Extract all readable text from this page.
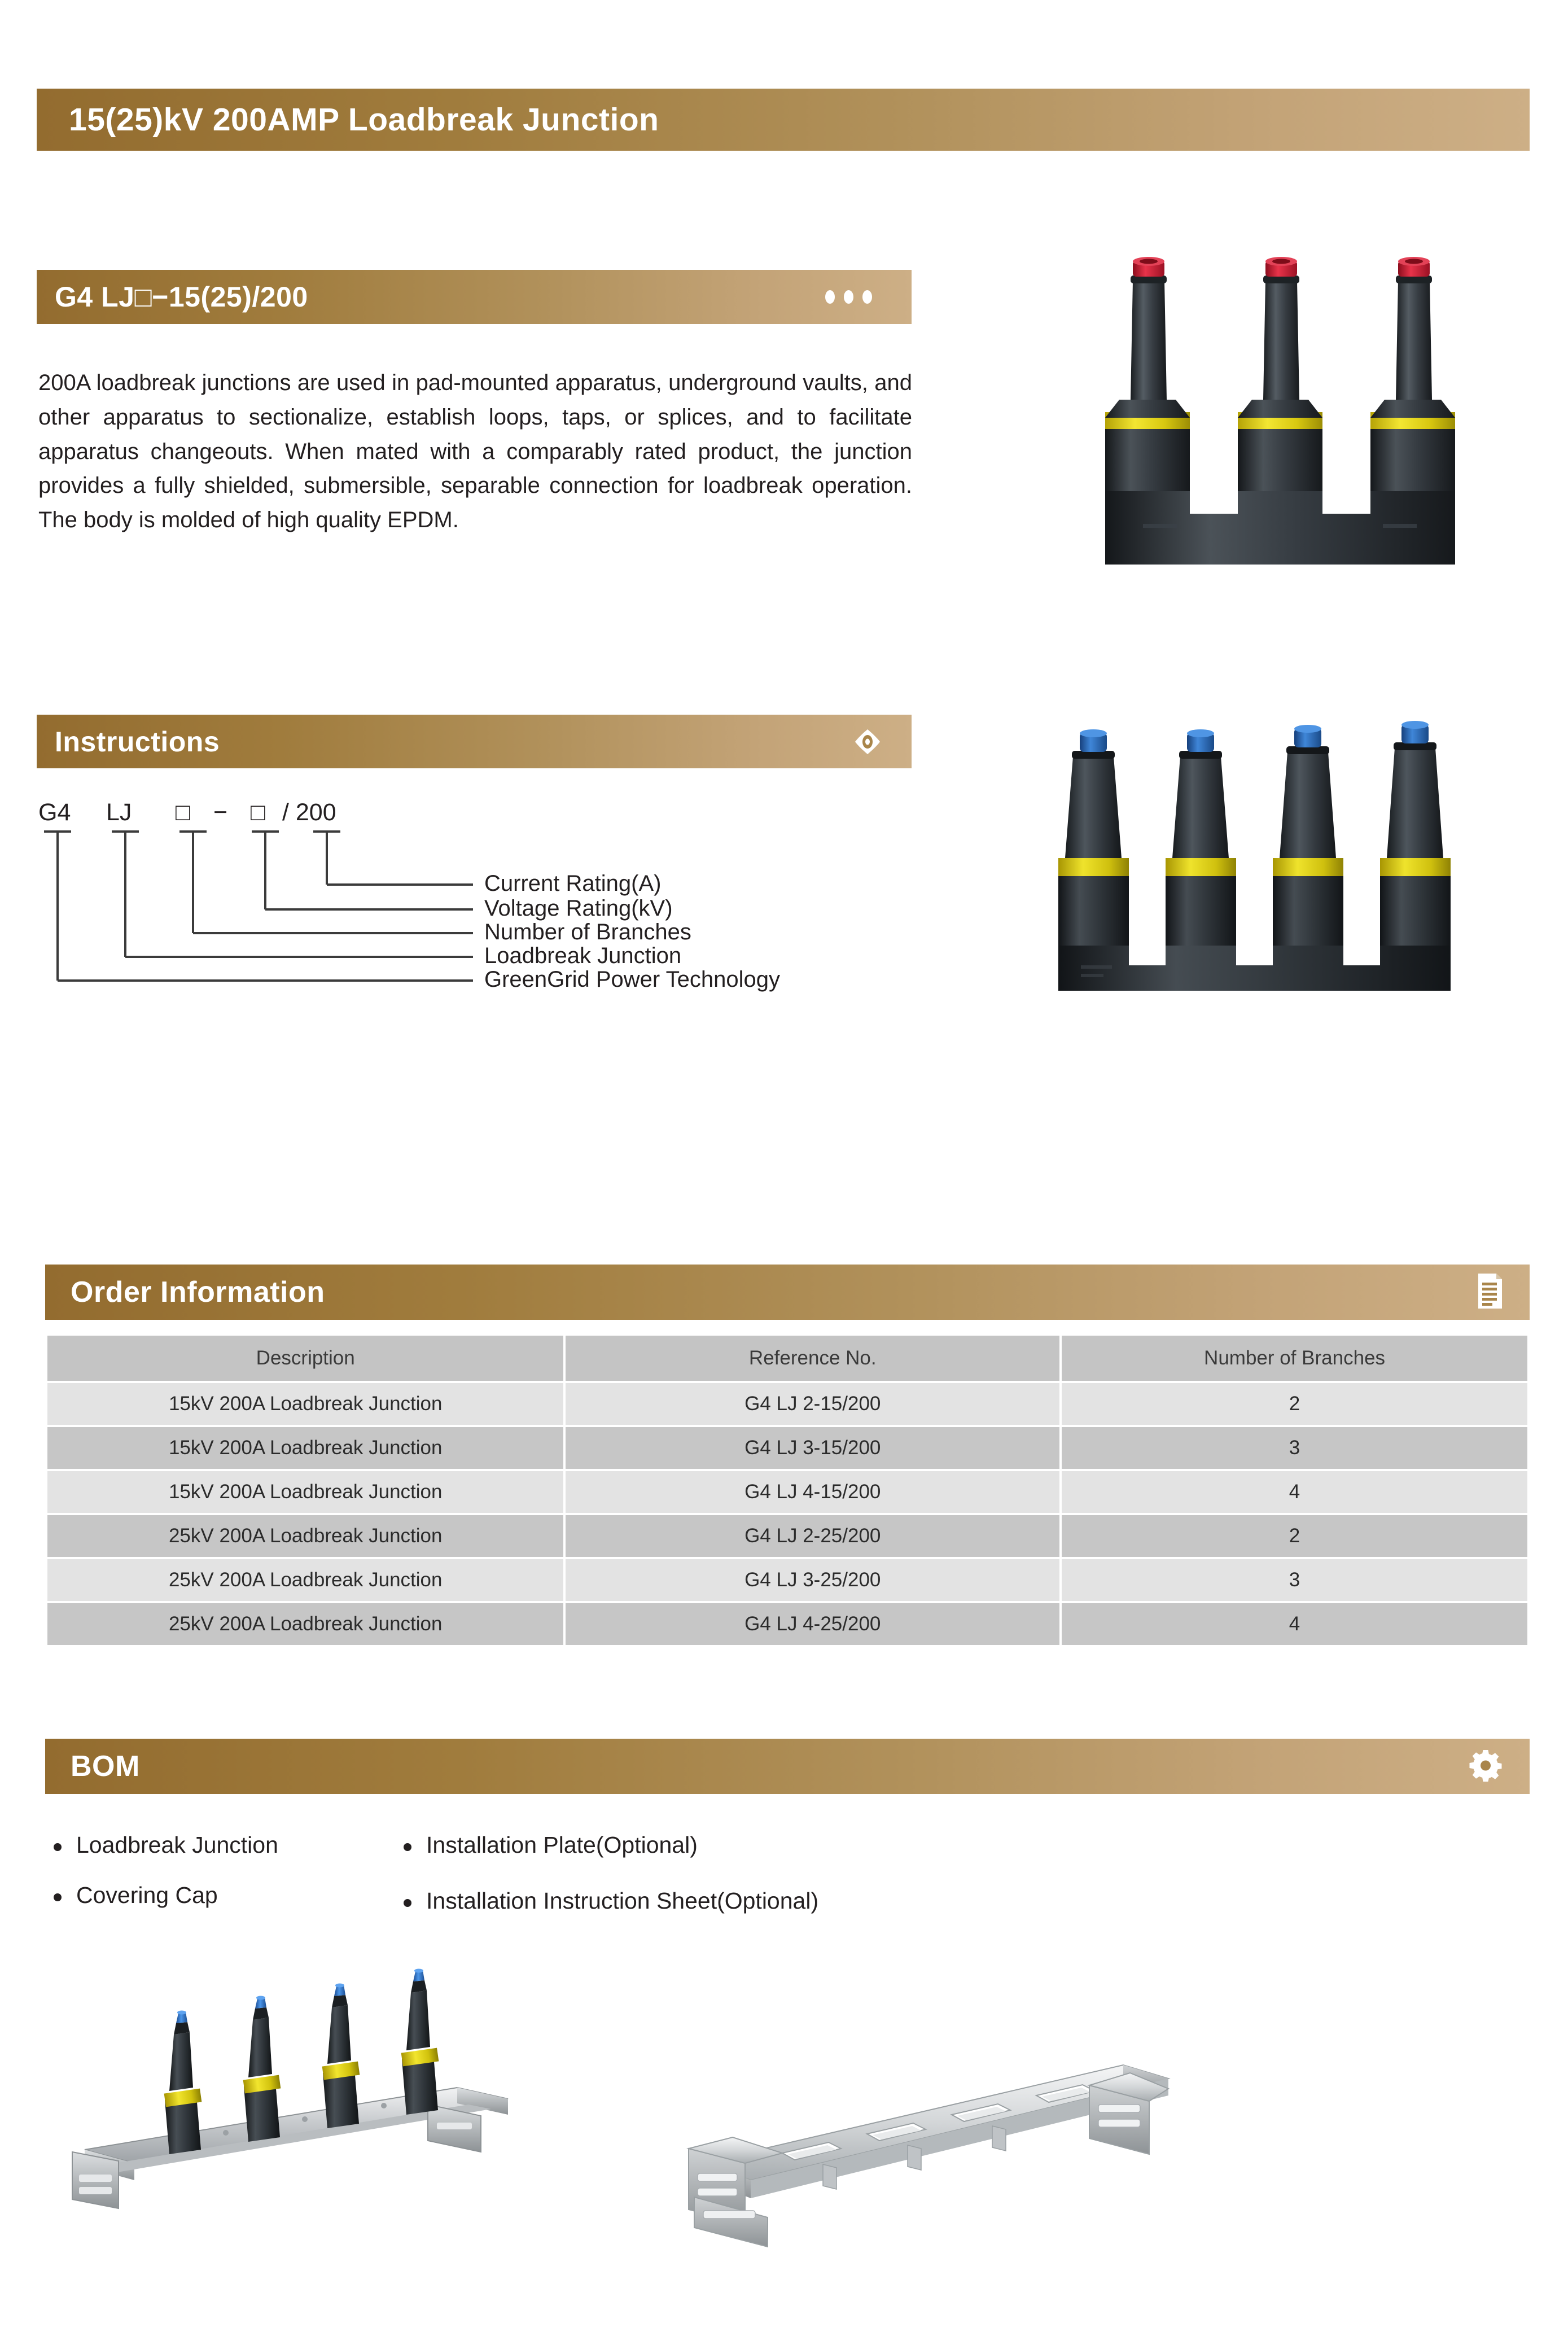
15(25)kV 200AMP Loadbreak Junction
G4 LJ□−15(25)/200

200A loadbreak junctions are used in pad-mounted apparatus, underground vaults, and other apparatus to sectionalize, establish loops, taps, or splices, and to facilitate apparatus changeouts. When mated with a comparably rated product, the junction provides a fully shielded, submersible, separable connection for loadbreak operation. The body is molded of high quality EPDM.

Instructions
G4 LJ □ − □ / 200
Current Rating(A)
Voltage Rating(kV)
Number of Branches
Loadbreak Junction
GreenGrid Power Technology
Order Information
Description	Reference No.	Number of Branches
15kV 200A Loadbreak Junction	G4 LJ 2-15/200	2
15kV 200A Loadbreak Junction	G4 LJ 3-15/200	3
15kV 200A Loadbreak Junction	G4 LJ 4-15/200	4
25kV 200A Loadbreak Junction	G4 LJ 2-25/200	2
25kV 200A Loadbreak Junction	G4 LJ 3-25/200	3
25kV 200A Loadbreak Junction	G4 LJ 4-25/200	4
BOM
Loadbreak Junction
Covering Cap
Installation Plate(Optional)
Installation Instruction Sheet(Optional)
